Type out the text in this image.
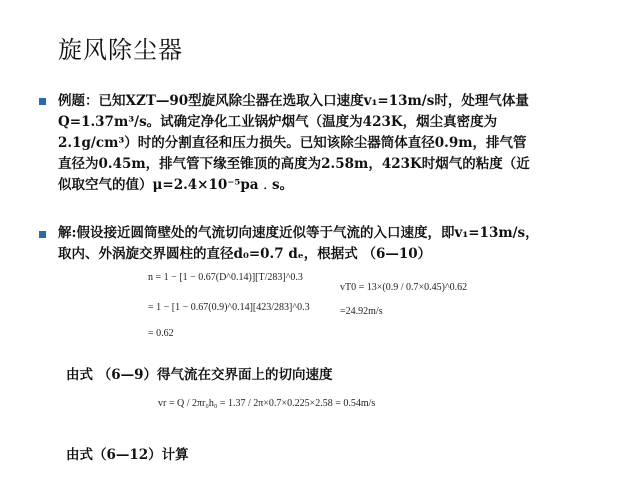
旋风除尘器
例题：已知XZT—90型旋风除尘器在选取入口速度v₁=13m/s时，处理气体量
Q=1.37m³/s。试确定净化工业锅炉烟气（温度为423K，烟尘真密度为
2.1g/cm³）时的分割直径和压力损失。已知该除尘器筒体直径0.9m，排气管
直径为0.45m，排气管下缘至锥顶的高度为2.58m，423K时烟气的粘度（近
似取空气的值）μ=2.4×10⁻⁵pa﹒s。
解:假设接近圆筒壁处的气流切向速度近似等于气流的入口速度，即v₁=13m/s，
取内、外涡旋交界圆柱的直径d₀=0.7 dₑ，根据式 （6—10）
n = 1 − [1 − 0.67(D^0.14)][T/283]^0.3
= 1 − [1 − 0.67(0.9)^0.14][423/283]^0.3
= 0.62
vT0 = 13×(0.9 / 0.7×0.45)^0.62
=24.92m/s
由式 （6—9）得气流在交界面上的切向速度
vr = Q / 2πr₀h₀ = 1.37 / 2π×0.7×0.225×2.58 = 0.54m/s
由式（6—12）计算
